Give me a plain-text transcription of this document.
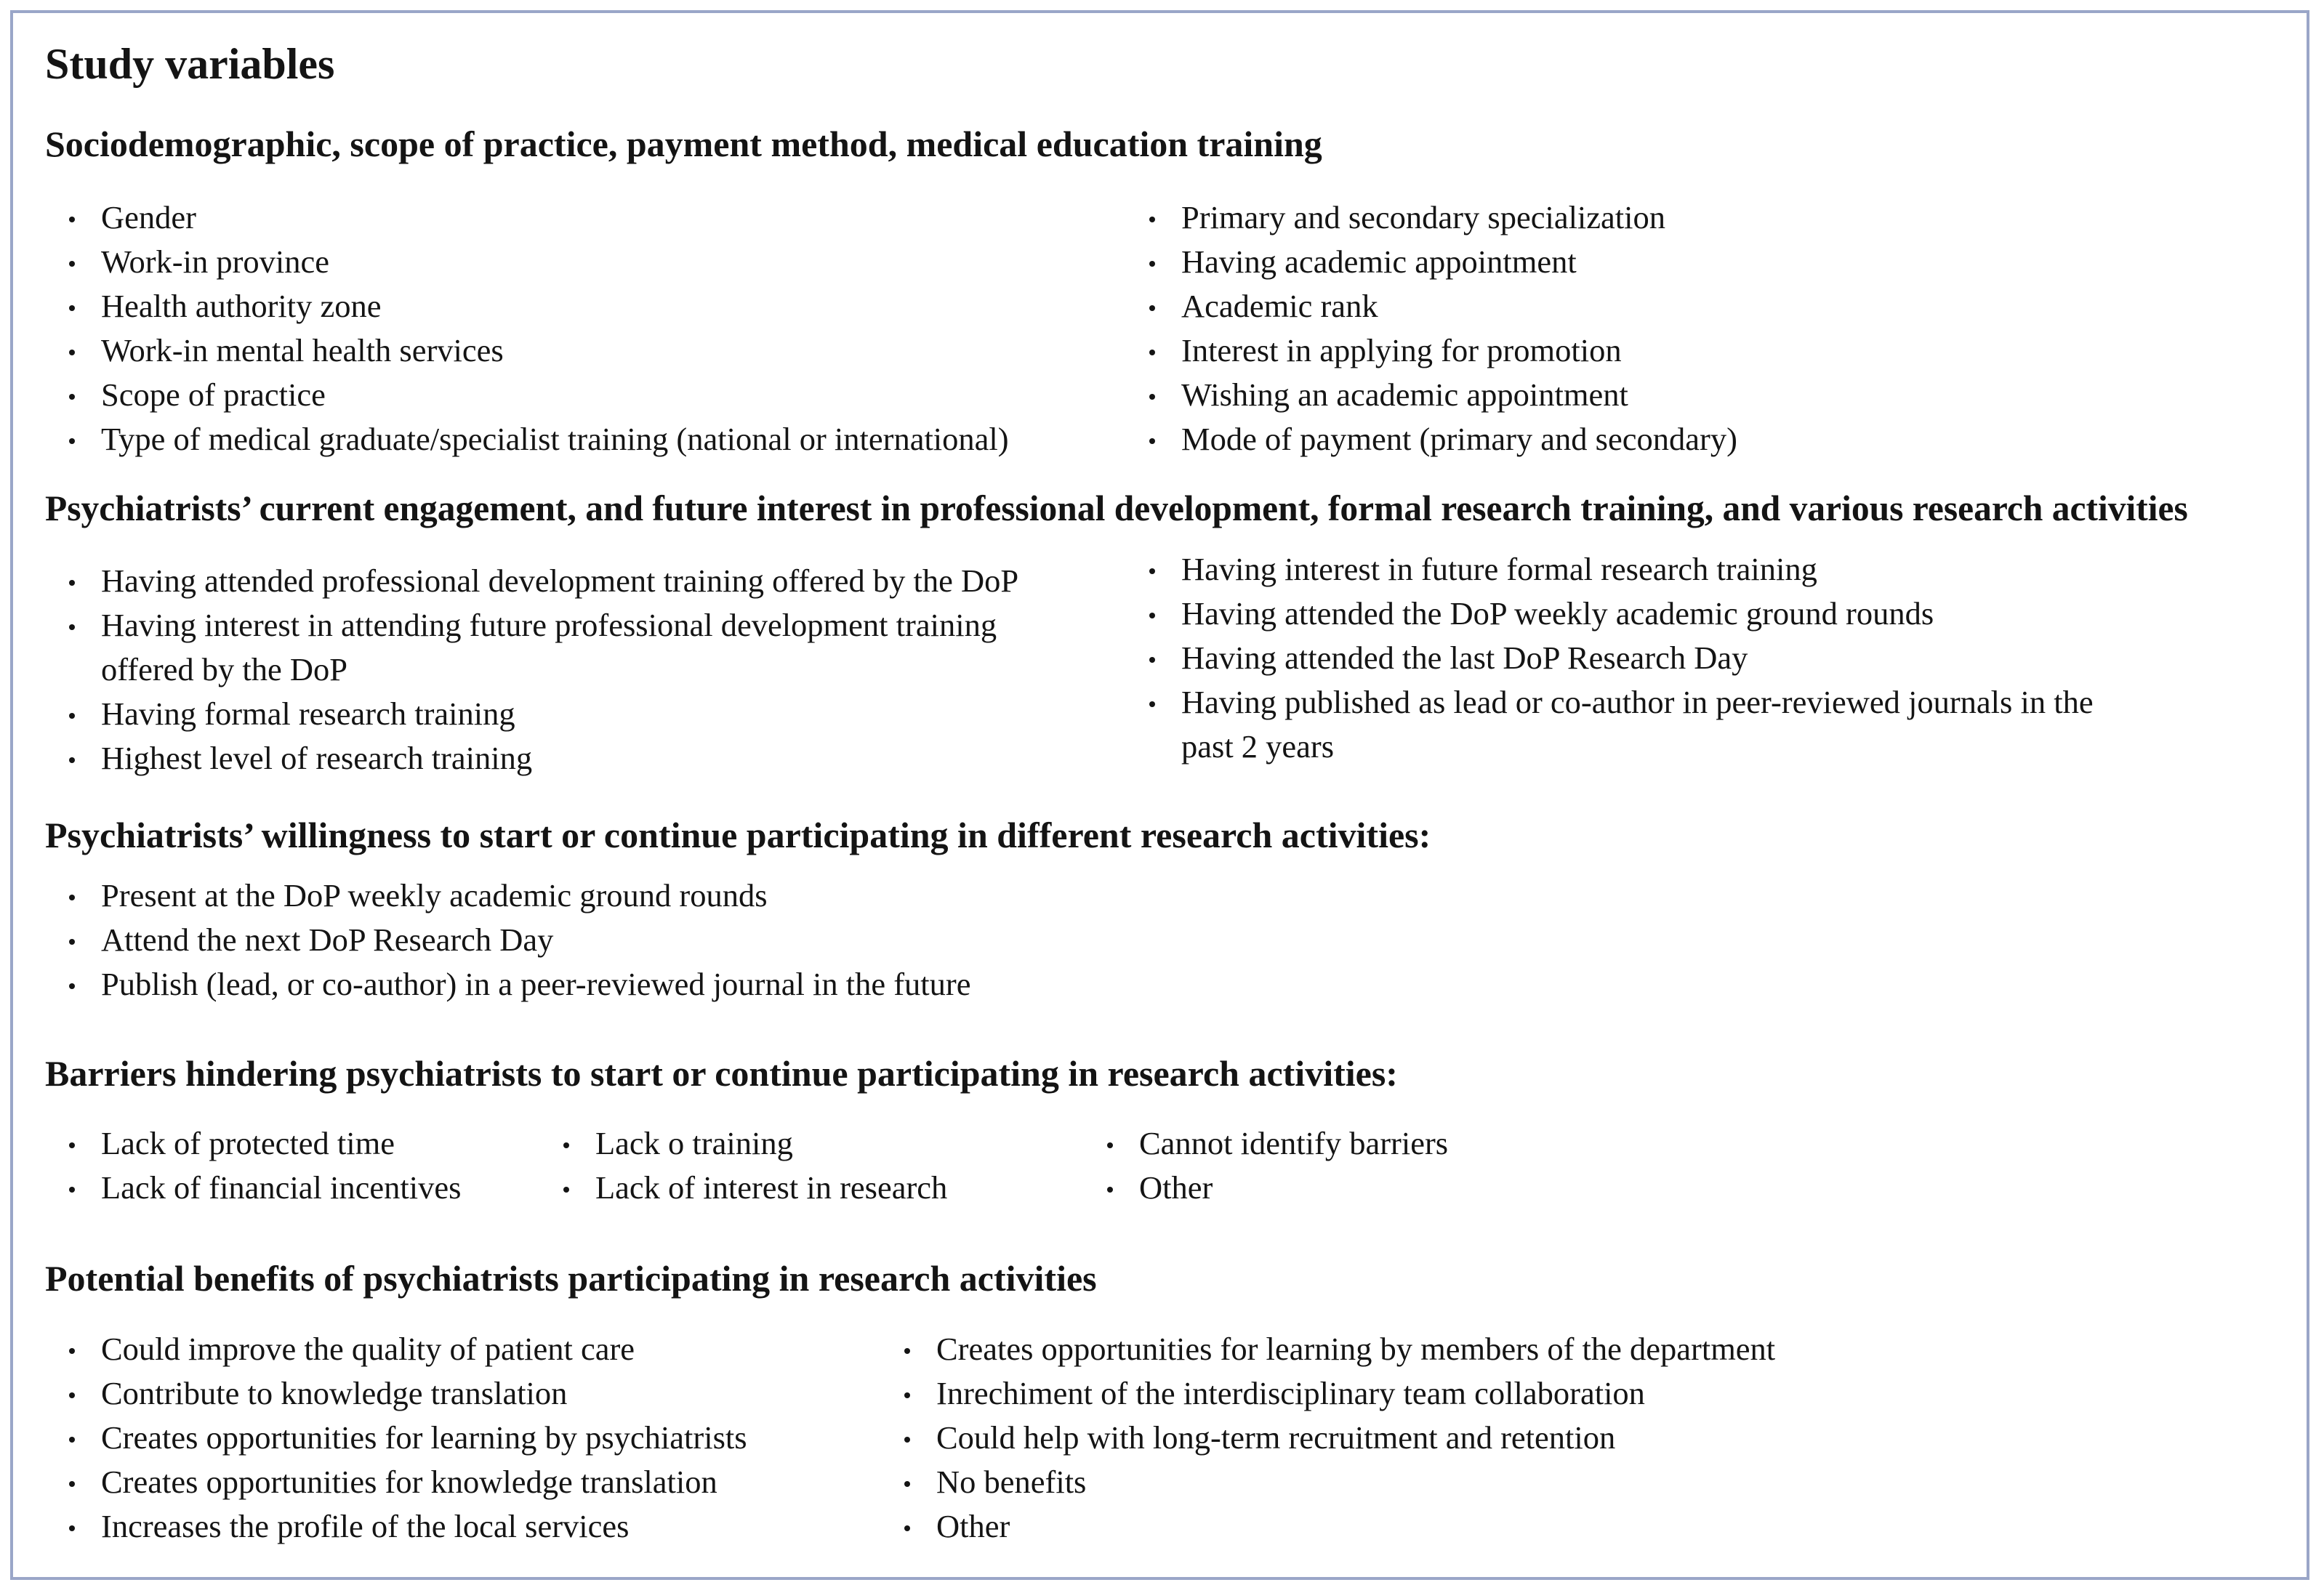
Study variables
Sociodemographic, scope of practice, payment method, medical education training
Gender
Work-in province
Health authority zone
Work-in mental health services
Scope of practice
Type of medical graduate/specialist training (national or international)
Primary and secondary specialization
Having academic appointment
Academic rank
Interest in applying for promotion
Wishing an academic appointment
Mode of payment (primary and secondary)
Psychiatrists’ current engagement, and future interest in professional development, formal research training, and various research activities
Having attended professional development training offered by the DoP
Having interest in attending future professional development training
offered by the DoP
Having formal research training
Highest level of research training
Having interest in future formal research training
Having attended the DoP weekly academic ground rounds
Having attended the last DoP Research Day
Having published as lead or co-author in peer-reviewed journals in the
past 2 years
Psychiatrists’ willingness to start or continue participating in different research activities:
Present at the DoP weekly academic ground rounds
Attend the next DoP Research Day
Publish (lead, or co-author) in a peer-reviewed journal in the future
Barriers hindering psychiatrists to start or continue participating in research activities:
Lack of protected time
Lack of financial incentives
Lack o training
Lack of interest in research
Cannot identify barriers
Other
Potential benefits of psychiatrists participating in research activities
Could improve the quality of patient care
Contribute to knowledge translation
Creates opportunities for learning by psychiatrists
Creates opportunities for knowledge translation
Increases the profile of the local services
Creates opportunities for learning by members of the department
Inrechiment of the interdisciplinary team collaboration
Could help with long-term recruitment and retention
No benefits
Other
